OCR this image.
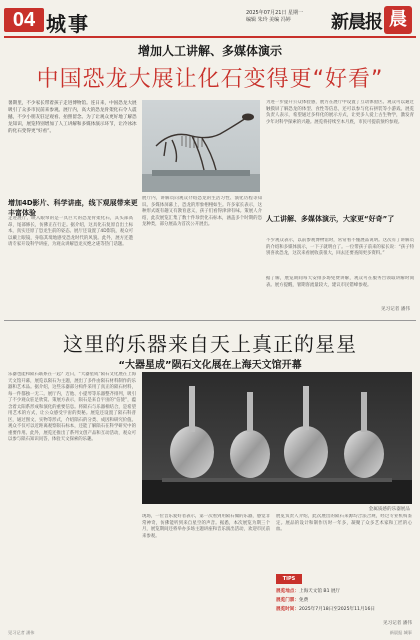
04 城事	2025年07月21日 星期一
编辑 朱玲 美编 冯婷	新晨报 晨
增加人工讲解、多媒体演示
中国恐龙大展让化石变得更“好看”
暑期里，不少家长带着孩子走进博物馆。连日来，中国恐龙大展吸引了众多市民前来参观。展厅内，高大的恐龙骨架化石令人震撼，不少小朋友驻足观看、拍照留念。为了让观众更好地了解恐龙知识，展览特别增加了人工讲解和多媒体演示环节，让冷冰冰的化石变得更“好看”。
为进一步提升公众体验感，展方在展厅中设置了互动体验区。观众可以通过触摸屏了解恐龙的体型、食性等信息，还可以参与化石拼装等小游戏。展览负责人表示，希望通过多样化的展示方式，让更多人爱上古生物学，激发青少年对科学探索的兴趣。展览将持续至本月底，市民可提前预约参观。
增加4D影片、科学讲座，线下观展带来更丰富体验
走进展厅，映入眼帘的是一具巨大的恐龙骨架化石，其头部高昂，尾部修长，仿佛正在行走。据介绍，这具化石复原自出土标本，真实还原了恐龙生前的姿态。展厅还设置了4D影院，观众可以戴上眼镜，身临其境地感受恐龙时代的风貌。此外，展方还邀请专家开设科学讲座，为观众讲解恐龙灭绝之谜等热门话题。
展厅内，讲解员向观众介绍恐龙的生活习性、演化历程等知识。多媒体屏幕上，恐龙的形象栩栩如生。许多家长表示，这种形式既有趣又有教育意义，孩子们看得津津有味。策展人介绍，此次展览汇集了数十件珍贵化石标本，涵盖多个时期的恐龙种类，部分展品为首次公开展出。
人工讲解、多媒体演示，大家更“好奇”了
不少观众表示，以前参观博物馆时，常常看不懂展品说明。这次有了讲解员的介绍和多媒体演示，一下子就明白了。一位带孩子前来的家长说：“孩子特别喜欢恐龙，这次来看展收获很大，回去还要查阅更多资料。”
据了解，展览期间每天安排多场免费讲解，观众可在服务台领取讲解时间表。展方提醒，暑期客流量较大，建议市民错峰参观。
见习记者 潘伟
这里的乐器来自天上真正的星星
“大器星成”陨石文化展在上海天文馆开幕
乐器也能和陨石联系在一起？近日，“大器星成”陨石文化展在上海天文馆开幕，展览以陨石为主题，展出了多件由陨石材料制作的乐器和艺术品。据介绍，这些乐器部分构件采用了真正的陨石材料，每一件都独一无二。展厅内，吉他、小提琴等乐器整齐排列，吸引了不少观众驻足欣赏。策展方表示，陨石是来自宇宙的“信使”，蕴含着太阳系形成和演化的重要信息。将陨石与乐器相结合，是希望用艺术的方式，让公众感受宇宙的奥秘。展览还设置了陨石科普区，通过图文、实物等形式，介绍陨石的分类、成因和研究价值。观众不仅可以近距离观察陨石标本，还能了解陨石在科学研究中的重要作用。此外，展览还推出了系列文创产品和互动活动，观众可以参与陨石知识问答，体验天文探索的乐趣。
金属质感的乐器展品
现场，一位音乐爱好者表示，第一次看到用陨石做的乐器，感觉非常神奇，仿佛能听到来自星空的声音。据悉，本次展览为期三个月，展览期间还将举办多场主题讲座和音乐演出活动，欢迎市民前来参观。
展览负责人介绍，此次展出的陨石来源均合法合规，经过专业机构鉴定。展品的设计和制作历时一年多，凝聚了众多艺术家和工匠的心血。
TIPS
展览地点：上海天文馆 B1 展厅
展览门票：免费
展览时间：2025年7月18日至2025年11月16日
见习记者 潘伟
见习记者 潘伟	新晨报 城事
